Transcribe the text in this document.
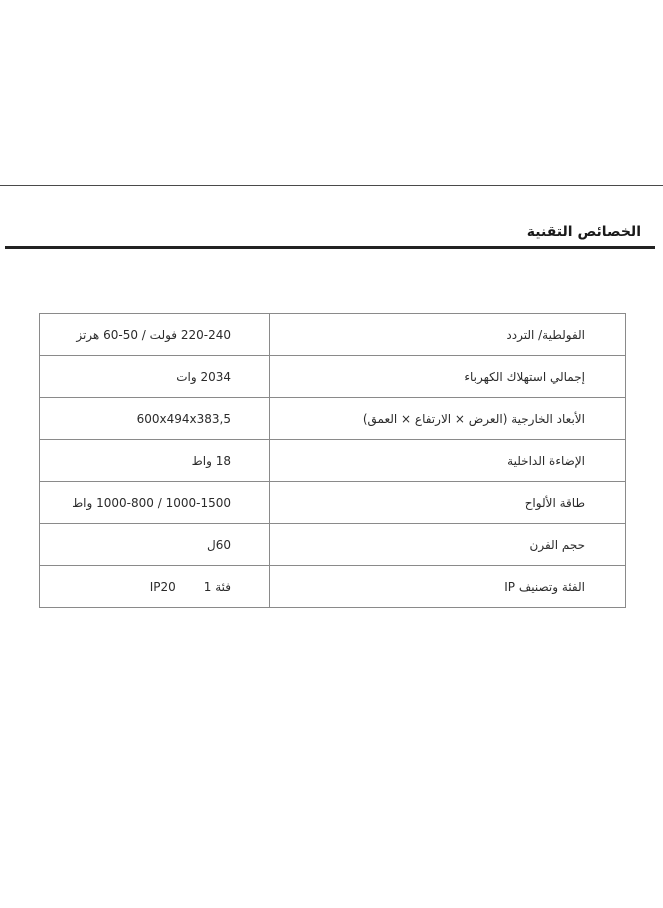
الخصائص التقنية
الفولطية/ التردد	220-240 فولت / 50-60 هرتز
إجمالي استهلاك الكهرباء	2034 وات
الأبعاد الخارجية (العرض × الارتفاع × العمق)	600x494x383,5
الإضاءة الداخلية	18 واط
طاقة الألواح	1000-1500 / 1000-800 واط
حجم الفرن	60ل
الفئة وتصنيف IP	فئة 1IP20
